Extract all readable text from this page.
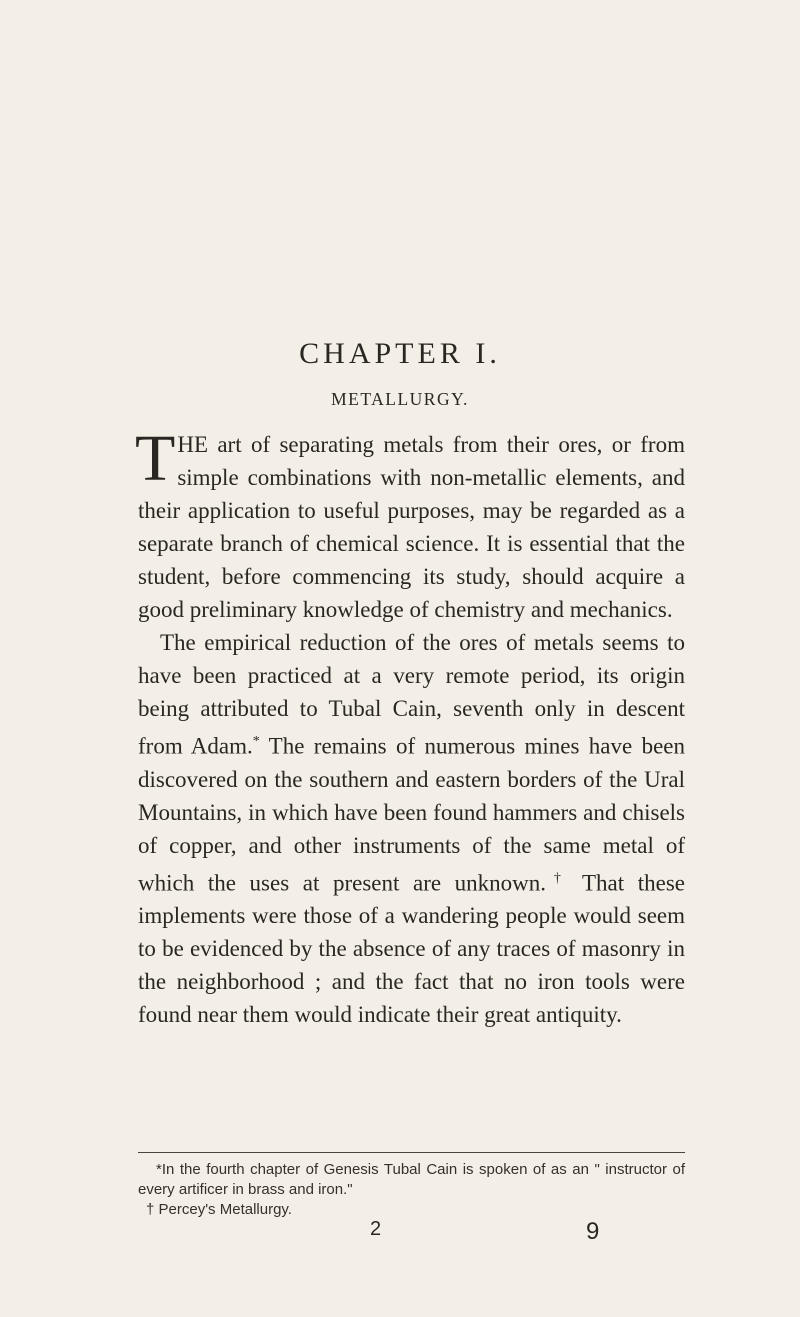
CHAPTER I.
METALLURGY.

THE art of separating metals from their ores, or from simple combinations with non-metallic elements, and their application to useful purposes, may be regarded as a separate branch of chemical science. It is essential that the student, before commencing its study, should acquire a good preliminary knowledge of chemistry and mechanics.

The empirical reduction of the ores of metals seems to have been practiced at a very remote period, its origin being attributed to Tubal Cain, seventh only in descent from Adam.* The remains of numerous mines have been discovered on the southern and eastern borders of the Ural Mountains, in which have been found hammers and chisels of copper, and other instruments of the same metal of which the uses at present are unknown.† That these implements were those of a wandering people would seem to be evidenced by the absence of any traces of masonry in the neighborhood ; and the fact that no iron tools were found near them would indicate their great antiquity.

*In the fourth chapter of Genesis Tubal Cain is spoken of as an " instructor of every artificer in brass and iron."

† Percey's Metallurgy.

2	9
